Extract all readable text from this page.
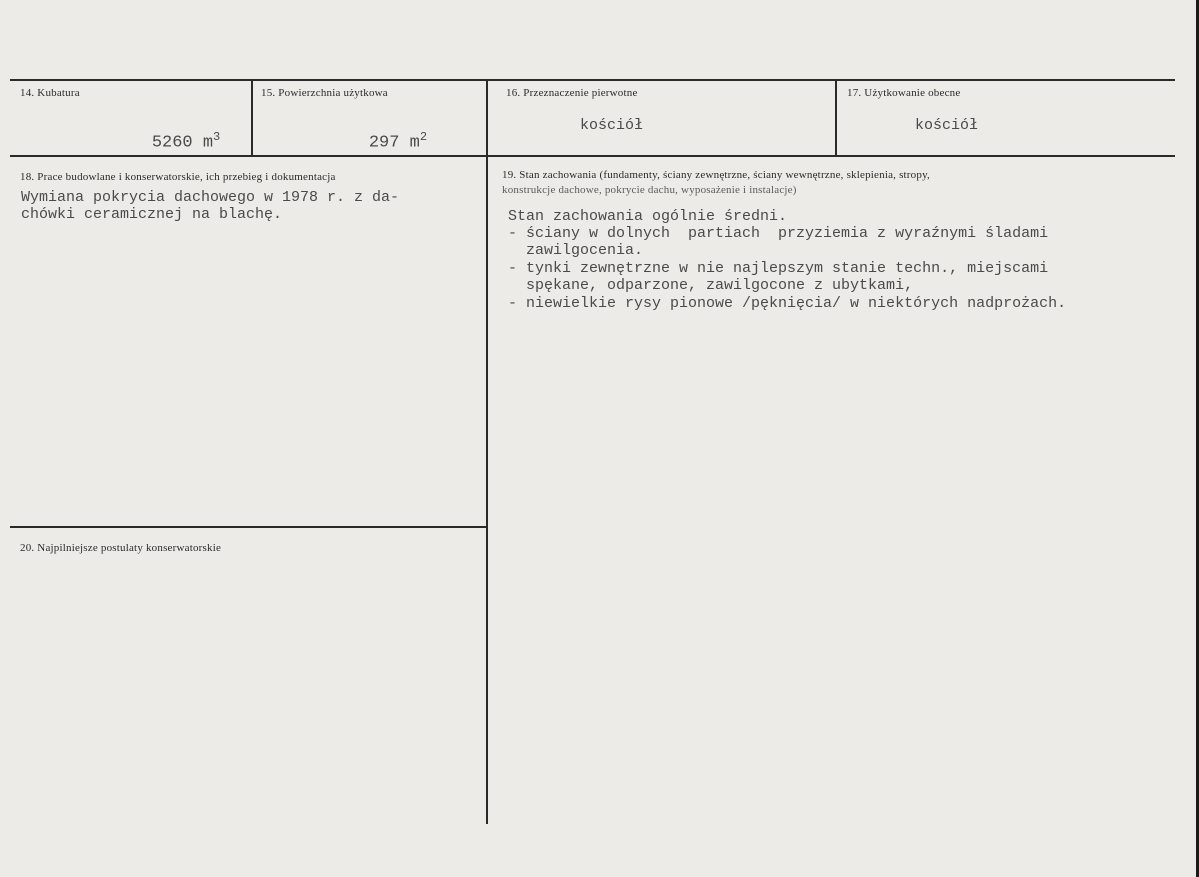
14. Kubatura

5260 $m^3$

15. Powierzchnia użytkowa

297 $m^2$

16. Przeznaczenie pierwotne
kościół
17. Użytkowanie obecne
kościół
18. Prace budowlane i konserwatorskie, ich przebieg i dokumentacja
Wymiana pokrycia dachowego w 1978 r. z da-
chówki ceramicznej na blachę.
19. Stan zachowania (fundamenty, ściany zewnętrzne, ściany wewnętrzne, sklepienia, stropy,
konstrukcje dachowe, pokrycie dachu, wyposażenie i instalacje)
Stan zachowania ogólnie średni.
- ściany w dolnych  partiach  przyziemia z wyraźnymi śladami
zawilgocenia.
- tynki zewnętrzne w nie najlepszym stanie techn., miejscami
spękane, odparzone, zawilgocone z ubytkami,
- niewielkie rysy pionowe /pęknięcia/ w niektórych nadprożach.
20. Najpilniejsze postulaty konserwatorskie
